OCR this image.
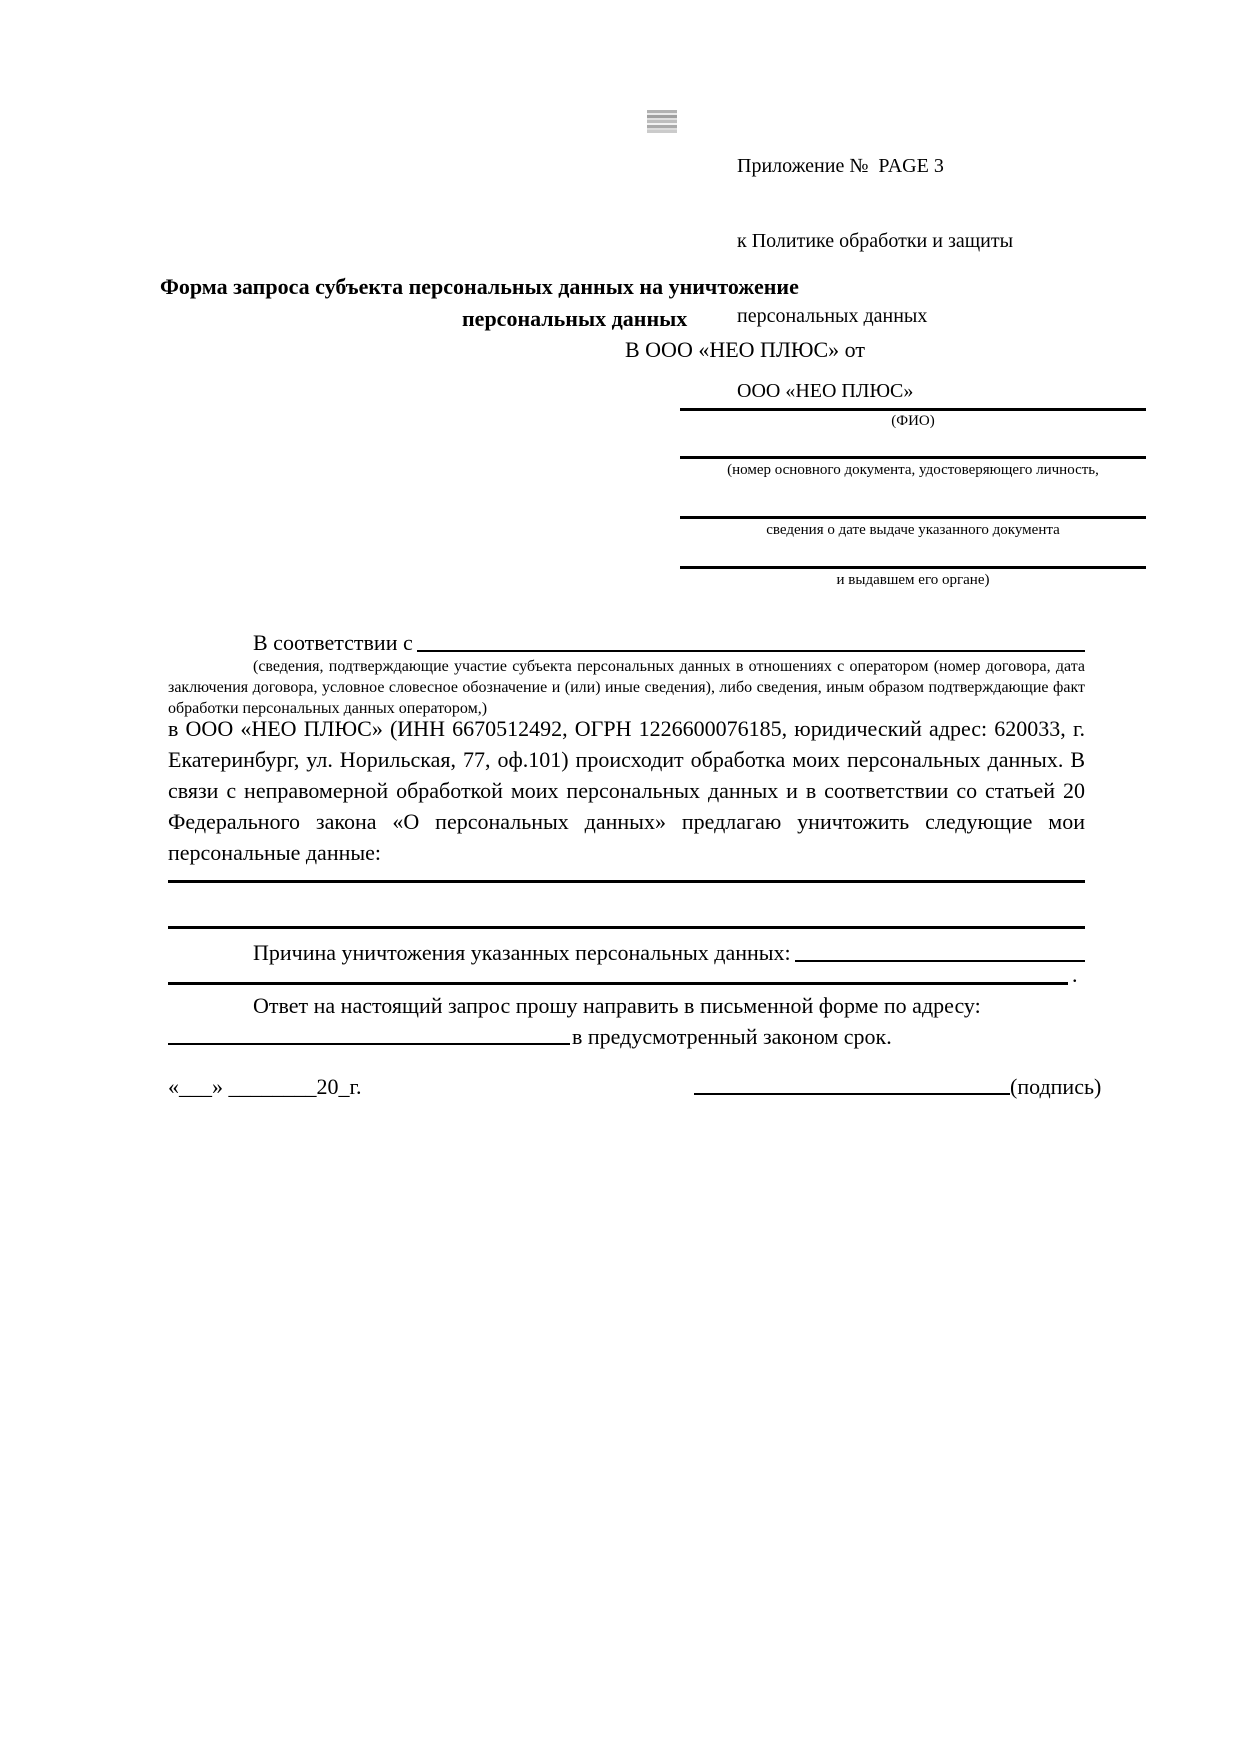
Приложение №  PAGE 3

к Политике обработки и защиты

персональных данных

ООО «НЕО ПЛЮС»

Форма запроса субъекта персональных данных на уничтожение
персональных данных
В ООО «НЕО ПЛЮС» от
(ФИО)
(номер основного документа, удостоверяющего личность,
сведения о дате выдаче указанного документа
и выдавшем его органе)
В соответствии с
(сведения, подтверждающие участие субъекта персональных данных в отношениях с оператором (номер договора, дата заключения договора, условное словесное обозначение и (или) иные сведения), либо сведения, иным образом подтверждающие факт обработки персональных данных оператором,)
в ООО «НЕО ПЛЮС» (ИНН 6670512492, ОГРН 1226600076185, юридический адрес: 620033, г. Екатеринбург, ул. Норильская, 77, оф.101) происходит обработка моих персональных данных. В связи с неправомерной обработкой моих персональных данных и в соответствии со статьей 20 Федерального закона «О персональных данных» предлагаю уничтожить следующие мои персональные данные:
Причина уничтожения указанных персональных данных:
.
Ответ на настоящий запрос прошу направить в письменной форме по адресу:
в предусмотренный законом срок.
«___» ________20_г.	(подпись)
